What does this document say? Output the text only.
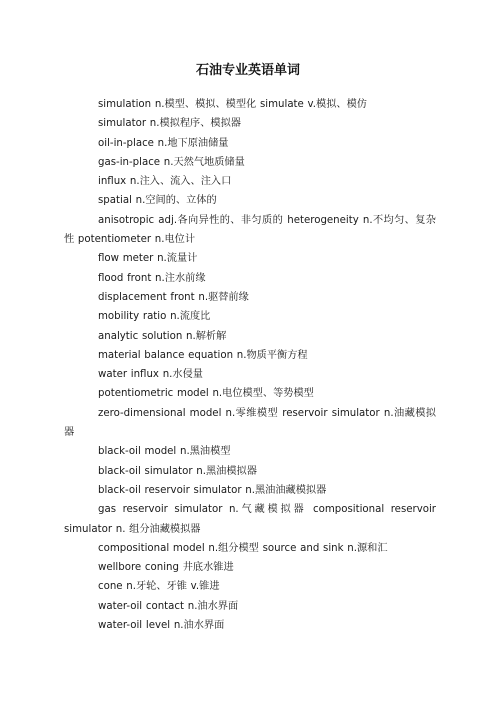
石油专业英语单词
simulation n.模型、模拟、模型化 simulate v.模拟、模仿
simulator n.模拟程序、模拟器
oil-in-place n.地下原油储量
gas-in-place n.天然气地质储量
influx n.注入、流入、注入口
spatial n.空间的、立体的
anisotropic adj.各向异性的、非匀质的 heterogeneity n.不均匀、复杂性 potentiometer n.电位计
flow meter n.流量计
flood front n.注水前缘
displacement front n.驱替前缘
mobility ratio n.流度比
analytic solution n.解析解
material balance equation n.物质平衡方程
water influx n.水侵量
potentiometric model n.电位模型、等势模型
zero-dimensional model n.零维模型 reservoir simulator n.油藏模拟器
black-oil model n.黑油模型
black-oil simulator n.黑油模拟器
black-oil reservoir simulator n.黑油油藏模拟器
gas reservoir simulator n.气藏模拟器 compositional reservoir simulator n. 组分油藏模拟器
compositional model n.组分模型 source and sink n.源和汇
wellbore coning 井底水锥进
cone n.牙轮、牙锥 v.锥进
water-oil contact n.油水界面
water-oil level n.油水界面
